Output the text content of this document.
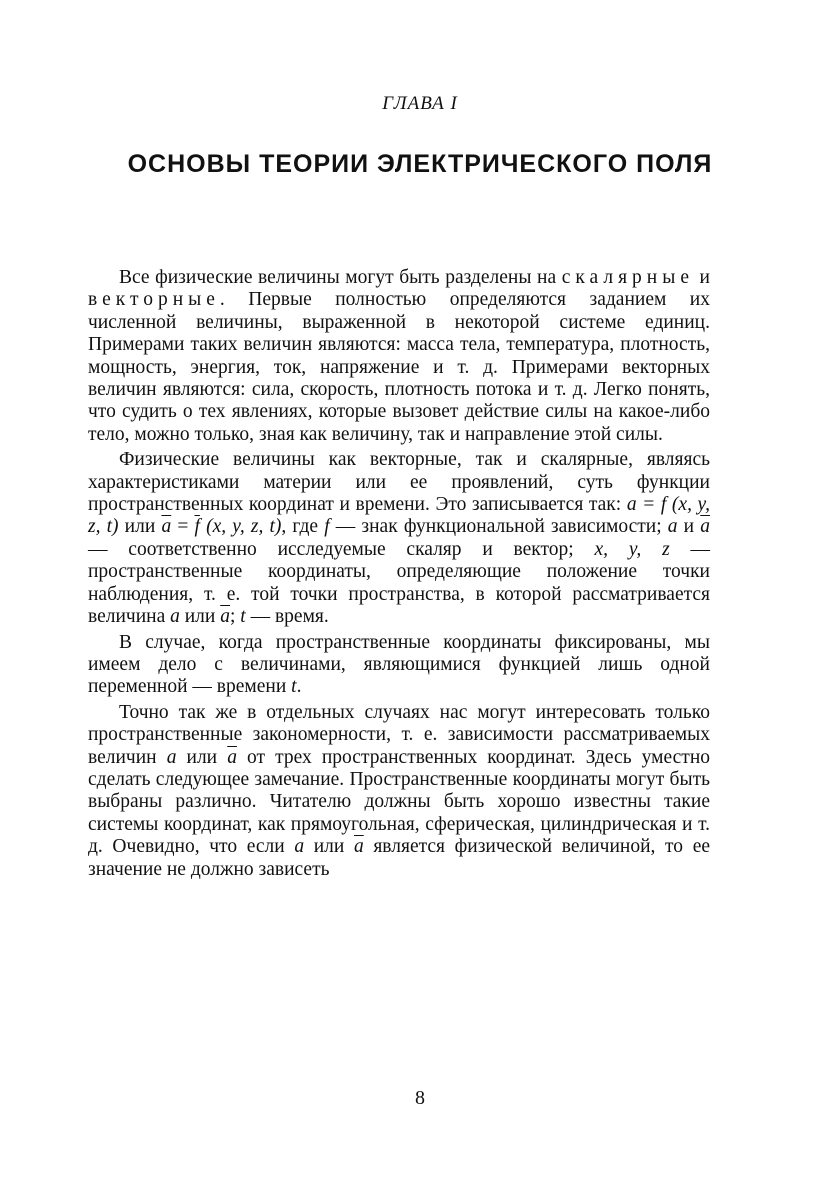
ГЛАВА I
ОСНОВЫ ТЕОРИИ ЭЛЕКТРИЧЕСКОГО ПОЛЯ

Все физические величины могут быть разделены на скалярные и векторные. Первые полностью определяются заданием их численной величины, выраженной в некоторой системе единиц. Примерами таких величин являются: масса тела, температура, плотность, мощность, энергия, ток, напряжение и т. д. Примерами векторных величин являются: сила, скорость, плотность потока и т. д. Легко понять, что судить о тех явлениях, которые вызовет действие силы на какое-либо тело, можно только, зная как величину, так и направление этой силы.

Физические величины как векторные, так и скалярные, являясь характеристиками материи или ее проявлений, суть функции пространственных координат и времени. Это записывается так: a = f (x, y, z, t) или $\overline{a} = \overline{f}$ (x, y, z, t), где f — знак функциональной зависимости; a и $\overline{a}$ — соответственно исследуемые скаляр и вектор; x, y, z — пространственные координаты, определяющие положение точки наблюдения, т. е. той точки пространства, в которой рассматривается величина a или $\overline{a}$; t — время.

В случае, когда пространственные координаты фиксированы, мы имеем дело с величинами, являющимися функцией лишь одной переменной — времени t.

Точно так же в отдельных случаях нас могут интересовать только пространственные закономерности, т. е. зависимости рассматриваемых величин a или $\overline{a}$ от трех пространственных координат. Здесь уместно сделать следующее замечание. Пространственные координаты могут быть выбраны различно. Читателю должны быть хорошо известны такие системы координат, как прямоугольная, сферическая, цилиндрическая и т. д. Очевидно, что если a или $\overline{a}$ является физической величиной, то ее значение не должно зависеть

8
